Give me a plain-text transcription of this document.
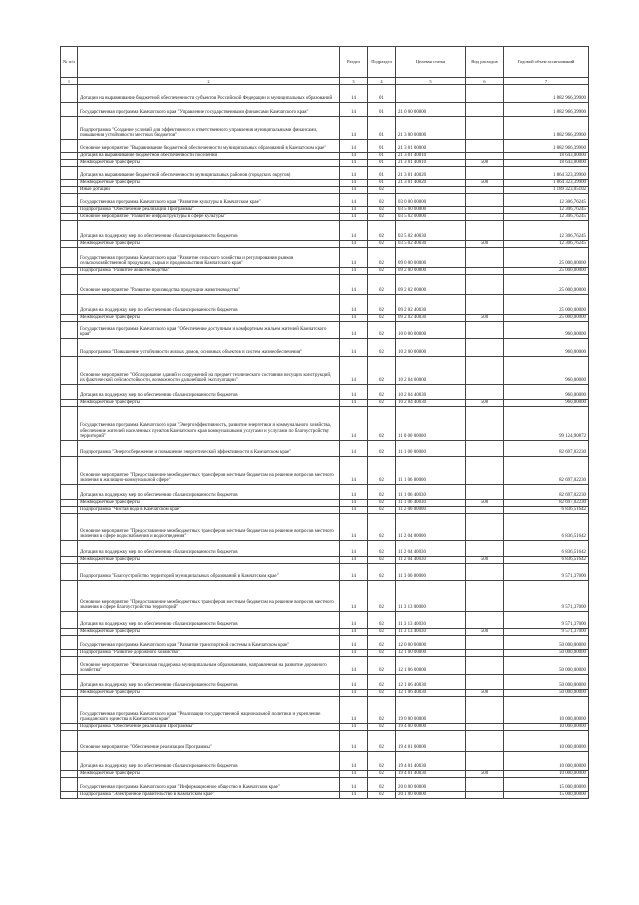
№ п/п		Раздел	Подраздел	Целевая статья	Вид расходов	Годовой объем ассигнований
1	2	3	4	5	6	7
	Дотации на выравнивание бюджетной обеспеченности субъектов Российской Федерации и муниципальных образований	14	01			1 882 966,39900
	Государственная программа Камчатского края "Управление государственными финансами Камчатского края"	14	01	21 0 00 00000		1 882 966,39900
	Подпрограмма "Создание условий для эффективного и ответственного управления муниципальными финансами, повышения устойчивости местных бюджетов"	14	01	21 3 00 00000		1 882 966,39900
	Основное мероприятие "Выравнивание бюджетной обеспеченности муниципальных образований в Камчатском крае"	14	01	21 3 01 00000		1 882 966,39900
	Дотация на выравнивание бюджетной обеспеченности поселений	14	01	21 3 01 40010		18 643,00000
	Межбюджетные трансферты	14	01	21 3 01 40010	500	18 643,00000
	Дотация на выравнивание бюджетной обеспеченности муниципальных районов (городских округов)	14	01	21 3 01 40020		1 864 323,39900
	Межбюджетные трансферты	14	01	21 3 01 40020	500	1 864 323,39900
	Иные дотации	14	02			1 189 323,05102
	Государственная программа Камчатского края "Развитие культуры в Камчатском крае"	14	02	03 0 00 00000		12 306,76245
	Подпрограмма "Обеспечение реализации Программы"	14	02	03 5 00 00000		12 306,76245
	Основное мероприятие "Развитие инфраструктуры в сфере культуры"	14	02	03 5 02 00000		12 306,76245
	Дотация на поддержку мер по обеспечению сбалансированности бюджетов	14	02	03 5 02 40030		12 306,76245
	Межбюджетные трансферты	14	02	03 5 02 40030	500	12 306,76245
	Государственная программа Камчатского края "Развитие сельского хозяйства и регулирования рынков сельскохозяйственной продукции, сырья и продовольствия Камчатского края"	14	02	09 0 00 00000		25 000,00000
	Подпрограмма "Развитие животноводства"	14	02	09 2 00 00000		25 000,00000
	Основное мероприятие "Развитие производства продукции животноводства"	14	02	09 2 02 00000		25 000,00000
	Дотация на поддержку мер по обеспечению сбалансированности бюджетов	14	02	09 2 02 40030		25 000,00000
	Межбюджетные трансферты	14	02	09 2 02 40030	500	25 000,00000
	Государственная программа Камчатского края "Обеспечение доступным и комфортным жильем жителей Камчатского края"	14	02	10 0 00 00000		960,00000
	Подпрограмма "Повышение устойчивости жилых домов, основных объектов и систем жизнеобеспечения"	14	02	10 2 00 00000		960,00000
	Основное мероприятие "Обследование зданий и сооружений на предмет технического состояния несущих конструкций, их фактической сейсмостойкости, возможности дальнейшей эксплуатации"	14	02	10 2 04 00000		960,00000
	Дотация на поддержку мер по обеспечению сбалансированности бюджетов	14	02	10 2 04 40030		960,00000
	Межбюджетные трансферты	14	02	10 2 04 40030	500	960,00000
	Государственная программа Камчатского края "Энергоэффективность, развитие энергетики и коммунального хозяйства, обеспечение жителей населенных пунктов Камчатского края коммунальными услугами и услугами по благоустройству территорий"	14	02	11 0 00 00000		99 124,90872
	Подпрограмма "Энергосбережение и повышение энергетической эффективности в Камчатском крае"	14	02	11 1 00 00000		82 697,02230
	Основное мероприятие "Предоставление межбюджетных трансферов местным бюджетам на решение вопросов местного значения в жилищно-коммунальной сфере"	14	02	11 1 06 00000		82 697,02230
	Дотация на поддержку мер по обеспечению сбалансированности бюджетов	14	02	11 1 06 40030		82 697,02230
	Межбюджетные трансферты	14	02	11 1 06 40030	500	82 697,02230
	Подпрограмма "Чистая вода в Камчатском крае"	14	02	11 2 00 00000		6 836,51642
	Основное мероприятие "Предоставление межбюджетных трансферов местным бюджетам на решение вопросов местного значения в сфере водоснабжения и водоотведения"	14	02	11 2 04 00000		6 836,51642
	Дотация на поддержку мер по обеспечению сбалансированности бюджетов	14	02	11 2 04 40030		6 836,51642
	Межбюджетные трансферты	14	02	11 2 04 40030	500	6 836,51642
	Подпрограмма "Благоустройство территорий муниципальных образований в Камчатском крае"	14	02	11 3 00 00000		9 571,37000
	Основное мероприятие "Предоставление межбюджетных трансферов местным бюджетам на решение вопросов местного значения в сфере благоустройства территорий"	14	02	11 3 13 00000		9 571,37000
	Дотация на поддержку мер по обеспечению сбалансированности бюджетов	14	02	11 3 13 40030		9 571,37000
	Межбюджетные трансферты	14	02	11 3 13 40030	500	9 571,37000
	Государственная программа Камчатского края "Развитие транспортной системы в Камчатском крае"	14	02	12 0 00 00000		50 000,00000
	Подпрограмма "Развитие дорожного хозяйства"	14	02	12 1 00 00000		50 000,00000
	Основное мероприятие "Финансовая поддержка муниципальным образованиям, направленная на развитие дорожного хозяйства"	14	02	12 1 06 00000		50 000,00000
	Дотация на поддержку мер по обеспечению сбалансированности бюджетов	14	02	12 1 06 40030		50 000,00000
	Межбюджетные трансферты	14	02	12 1 06 40030	500	50 000,00000
	Государственная программа Камчатского края "Реализация государственной национальной политики и укрепление гражданского единства в Камчатском крае"	14	02	19 0 00 00000		10 000,00000
	Подпрограмма "Обеспечение реализации Программы"	14	02	19 4 00 00000		10 000,00000
	Основное мероприятие "Обеспечение реализации Программы"	14	02	19 4 01 00000		10 000,00000
	Дотация на поддержку мер по обеспечению сбалансированности бюджетов	14	02	19 4 01 40030		10 000,00000
	Межбюджетные трансферты	14	02	19 4 01 40030	500	10 000,00000
	Государственная программа Камчатского края "Информационное общество в Камчатском крае"	14	02	20 0 00 00000		15 000,00000
	Подпрограмма "Электронное правительство в Камчатском крае"	14	02	20 1 00 00000		15 000,00000
